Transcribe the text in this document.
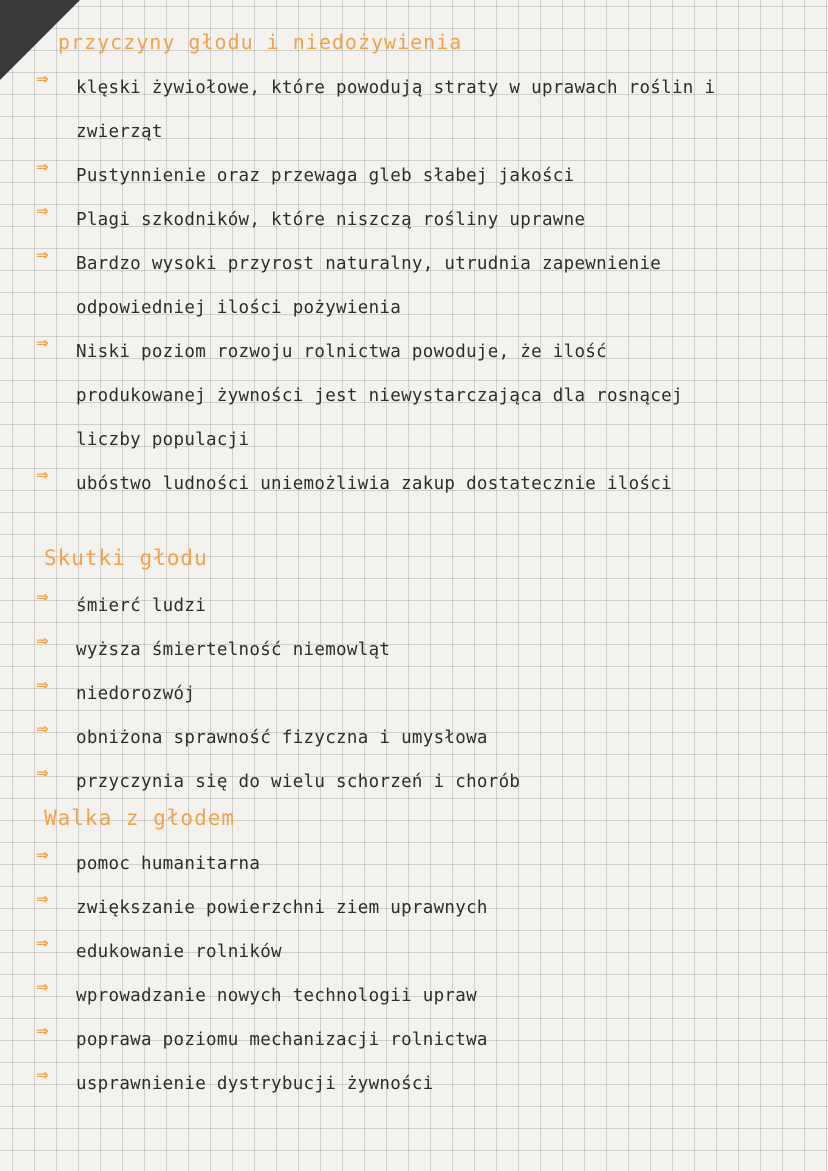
przyczyny głodu i niedożywienia
⇒ klęski żywiołowe, które powodują straty w uprawach roślin i zwierząt
⇒ Pustynnienie oraz przewaga gleb słabej jakości
⇒ Plagi szkodników, które niszczą rośliny uprawne
⇒ Bardzo wysoki przyrost naturalny, utrudnia zapewnienie odpowiedniej ilości pożywienia
⇒ Niski poziom rozwoju rolnictwa powoduje, że ilość produkowanej żywności jest niewystarczająca dla rosnącej liczby populacji
⇒ ubóstwo ludności uniemożliwia zakup dostatecznie ilości
Skutki głodu
⇒ śmierć ludzi
⇒ wyższa śmiertelność niemowląt
⇒ niedorozwój
⇒ obniżona sprawność fizyczna i umysłowa
⇒ przyczynia się do wielu schorzeń i chorób
Walka z głodem
⇒ pomoc humanitarna
⇒ zwiększanie powierzchni ziem uprawnych
⇒ edukowanie rolników
⇒ wprowadzanie nowych technologii upraw
⇒ poprawa poziomu mechanizacji rolnictwa
⇒ usprawnienie dystrybucji żywności
